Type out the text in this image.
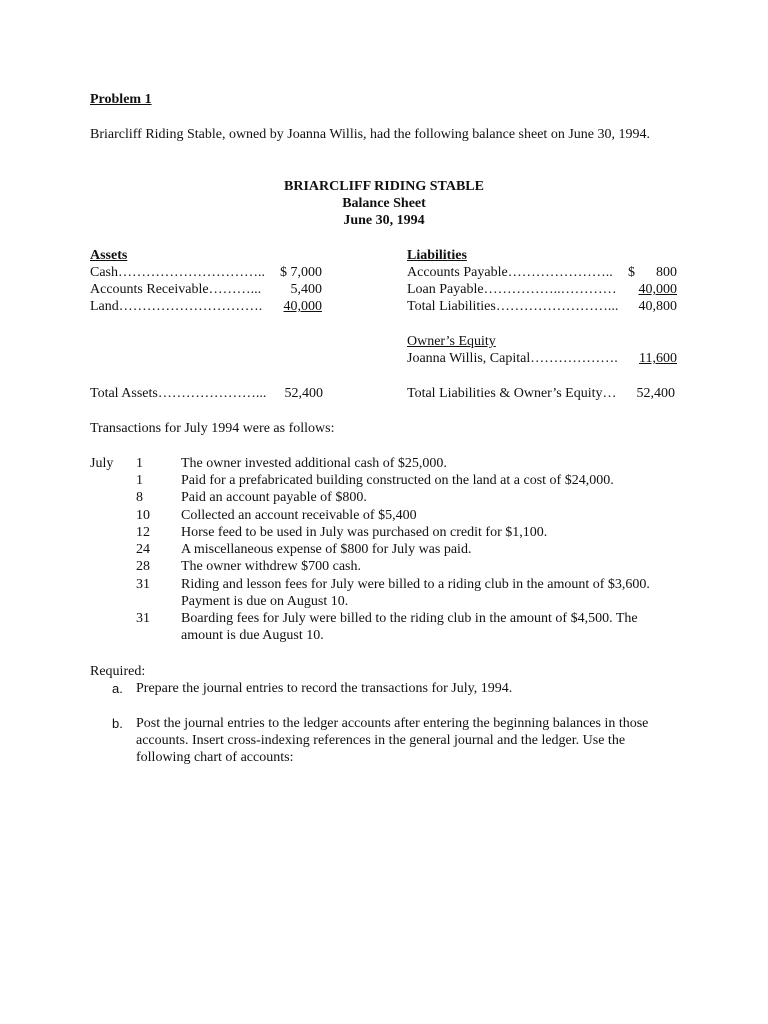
Problem 1
Briarcliff Riding Stable, owned by Joanna Willis, had the following balance sheet on June 30, 1994.
BRIARCLIFF RIDING STABLE
Balance Sheet
June 30, 1994
Assets
Cash………………………….. $ 7,000
Accounts Receivable………... 5,400
Land…………………………. 40,000
Liabilities
Accounts Payable………………….. $      800
Loan Payable……………..………… 40,000
Total Liabilities……………………... 40,800
Owner’s Equity
Joanna Willis, Capital………………. 11,600
Total Assets…………………... 52,400	Total Liabilities & Owner’s Equity… 52,400
Transactions for July 1994 were as follows:
July 1	The owner invested additional cash of $25,000.
1	Paid for a prefabricated building constructed on the land at a cost of $24,000.
8	Paid an account payable of $800.
10	Collected an account receivable of $5,400
12	Horse feed to be used in July was purchased on credit for $1,100.
24	A miscellaneous expense of $800 for July was paid.
28	The owner withdrew $700 cash.
31	Riding and lesson fees for July were billed to a riding club in the amount of $3,600. Payment is due on August 10.
31	Boarding fees for July were billed to the riding club in the amount of $4,500. The amount is due August 10.
Required:
a. Prepare the journal entries to record the transactions for July, 1994.
b. Post the journal entries to the ledger accounts after entering the beginning balances in those accounts. Insert cross-indexing references in the general journal and the ledger. Use the following chart of accounts:
